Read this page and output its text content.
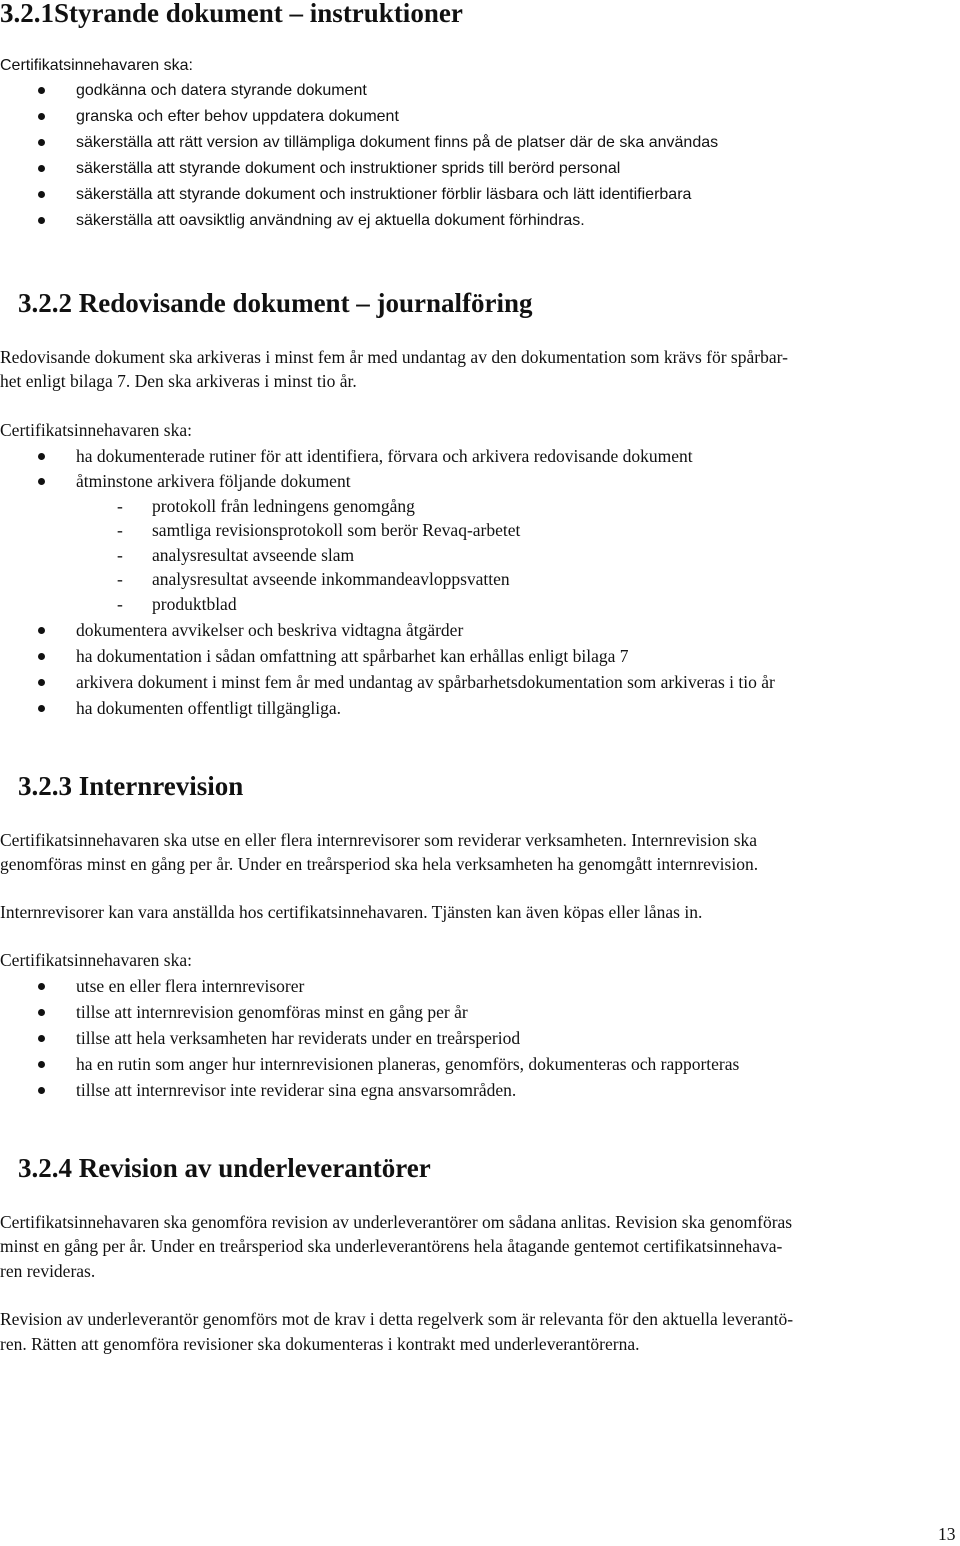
3.2.1Styrande dokument – instruktioner
Certifikatsinnehavaren ska:
godkänna och datera styrande dokument
granska och efter behov uppdatera dokument
säkerställa att rätt version av tillämpliga dokument finns på de platser där de ska användas
säkerställa att styrande dokument och instruktioner sprids till berörd personal
säkerställa att styrande dokument och instruktioner förblir läsbara och lätt identifierbara
säkerställa att oavsiktlig användning av ej aktuella dokument förhindras.
3.2.2 Redovisande dokument – journalföring
Redovisande dokument ska arkiveras i minst fem år med undantag av den dokumentation som krävs för spårbar-
het enligt bilaga 7. Den ska arkiveras i minst tio år.
Certifikatsinnehavaren ska:
ha dokumenterade rutiner för att identifiera, förvara och arkivera redovisande dokument
åtminstone arkivera följande dokument
- protokoll från ledningens genomgång
- samtliga revisionsprotokoll som berör Revaq-arbetet
- analysresultat avseende slam
- analysresultat avseende inkommandeavloppsvatten
- produktblad
dokumentera avvikelser och beskriva vidtagna åtgärder
ha dokumentation i sådan omfattning att spårbarhet kan erhållas enligt bilaga 7
arkivera dokument i minst fem år med undantag av spårbarhetsdokumentation som arkiveras i tio år
ha dokumenten offentligt tillgängliga.
3.2.3 Internrevision
Certifikatsinnehavaren ska utse en eller flera internrevisorer som reviderar verksamheten. Internrevision ska
genomföras minst en gång per år. Under en treårsperiod ska hela verksamheten ha genomgått internrevision.
Internrevisorer kan vara anställda hos certifikatsinnehavaren. Tjänsten kan även köpas eller lånas in.
Certifikatsinnehavaren ska:
utse en eller flera internrevisorer
tillse att internrevision genomföras minst en gång per år
tillse att hela verksamheten har reviderats under en treårsperiod
ha en rutin som anger hur internrevisionen planeras, genomförs, dokumenteras och rapporteras
tillse att internrevisor inte reviderar sina egna ansvarsområden.
3.2.4 Revision av underleverantörer
Certifikatsinnehavaren ska genomföra revision av underleverantörer om sådana anlitas. Revision ska genomföras
minst en gång per år. Under en treårsperiod ska underleverantörens hela åtagande gentemot certifikatsinnehava-
ren revideras.
Revision av underleverantör genomförs mot de krav i detta regelverk som är relevanta för den aktuella leverantö-
ren. Rätten att genomföra revisioner ska dokumenteras i kontrakt med underleverantörerna.
13
